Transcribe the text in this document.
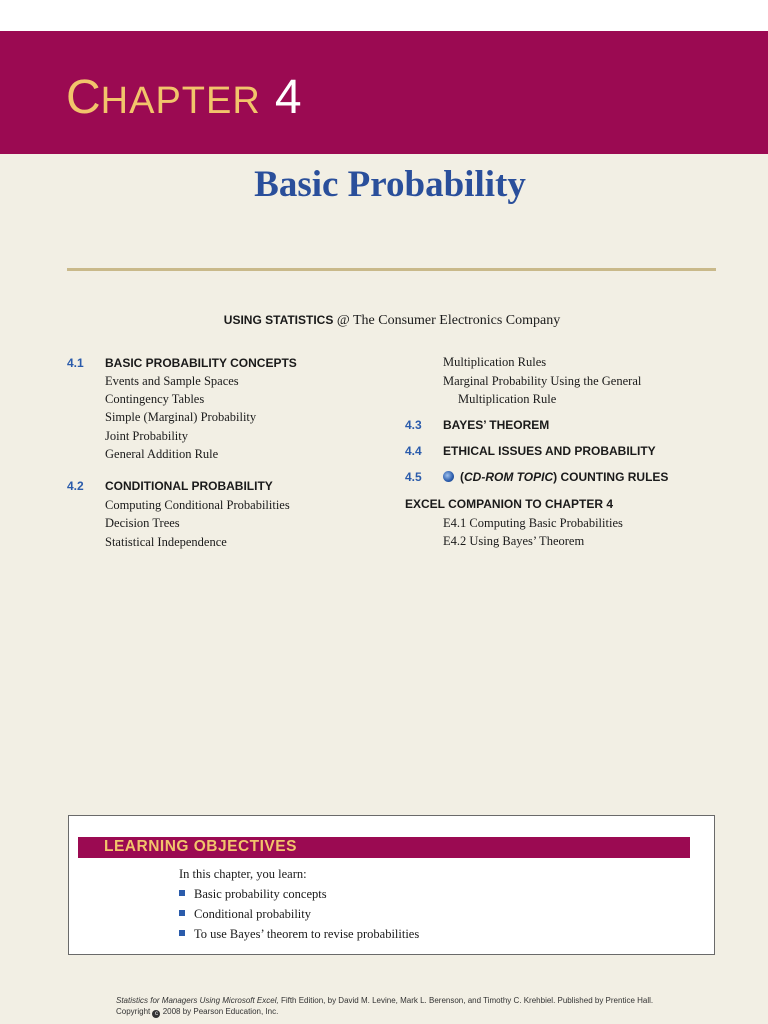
CHAPTER 4
Basic Probability
USING STATISTICS @ The Consumer Electronics Company
4.1 BASIC PROBABILITY CONCEPTS
Events and Sample Spaces
Contingency Tables
Simple (Marginal) Probability
Joint Probability
General Addition Rule
4.2 CONDITIONAL PROBABILITY
Computing Conditional Probabilities
Decision Trees
Statistical Independence
Multiplication Rules
Marginal Probability Using the General
Multiplication Rule
4.3 BAYES’ THEOREM
4.4 ETHICAL ISSUES AND PROBABILITY
4.5	(CD-ROM TOPIC) COUNTING RULES
EXCEL COMPANION TO CHAPTER 4
E4.1 Computing Basic Probabilities
E4.2 Using Bayes’ Theorem
LEARNING OBJECTIVES
In this chapter, you learn:
Basic probability concepts
Conditional probability
To use Bayes’ theorem to revise probabilities
Statistics for Managers Using Microsoft Excel, Fifth Edition, by David M. Levine, Mark L. Berenson, and Timothy C. Krehbiel. Published by Prentice Hall.
Copyright c 2008 by Pearson Education, Inc.
